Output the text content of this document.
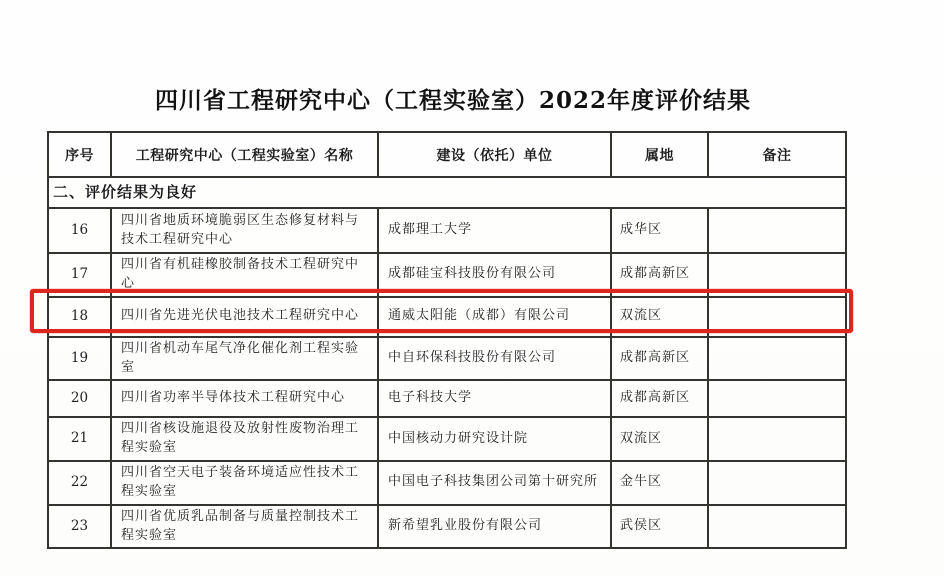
四川省工程研究中心（工程实验室）2022年度评价结果
序号	工程研究中心（工程实验室）名称	建设（依托）单位	属地	备注
二、评价结果为良好				
16	四川省地质环境脆弱区生态修复材料与技术工程研究中心	成都理工大学	成华区	
17	四川省有机硅橡胶制备技术工程研究中心	成都硅宝科技股份有限公司	成都高新区	
18	四川省先进光伏电池技术工程研究中心	通威太阳能（成都）有限公司	双流区	
19	四川省机动车尾气净化催化剂工程实验室	中自环保科技股份有限公司	成都高新区	
20	四川省功率半导体技术工程研究中心	电子科技大学	成都高新区	
21	四川省核设施退役及放射性废物治理工程实验室	中国核动力研究设计院	双流区	
22	四川省空天电子装备环境适应性技术工程实验室	中国电子科技集团公司第十研究所	金牛区	
23	四川省优质乳品制备与质量控制技术工程实验室	新希望乳业股份有限公司	武侯区	
